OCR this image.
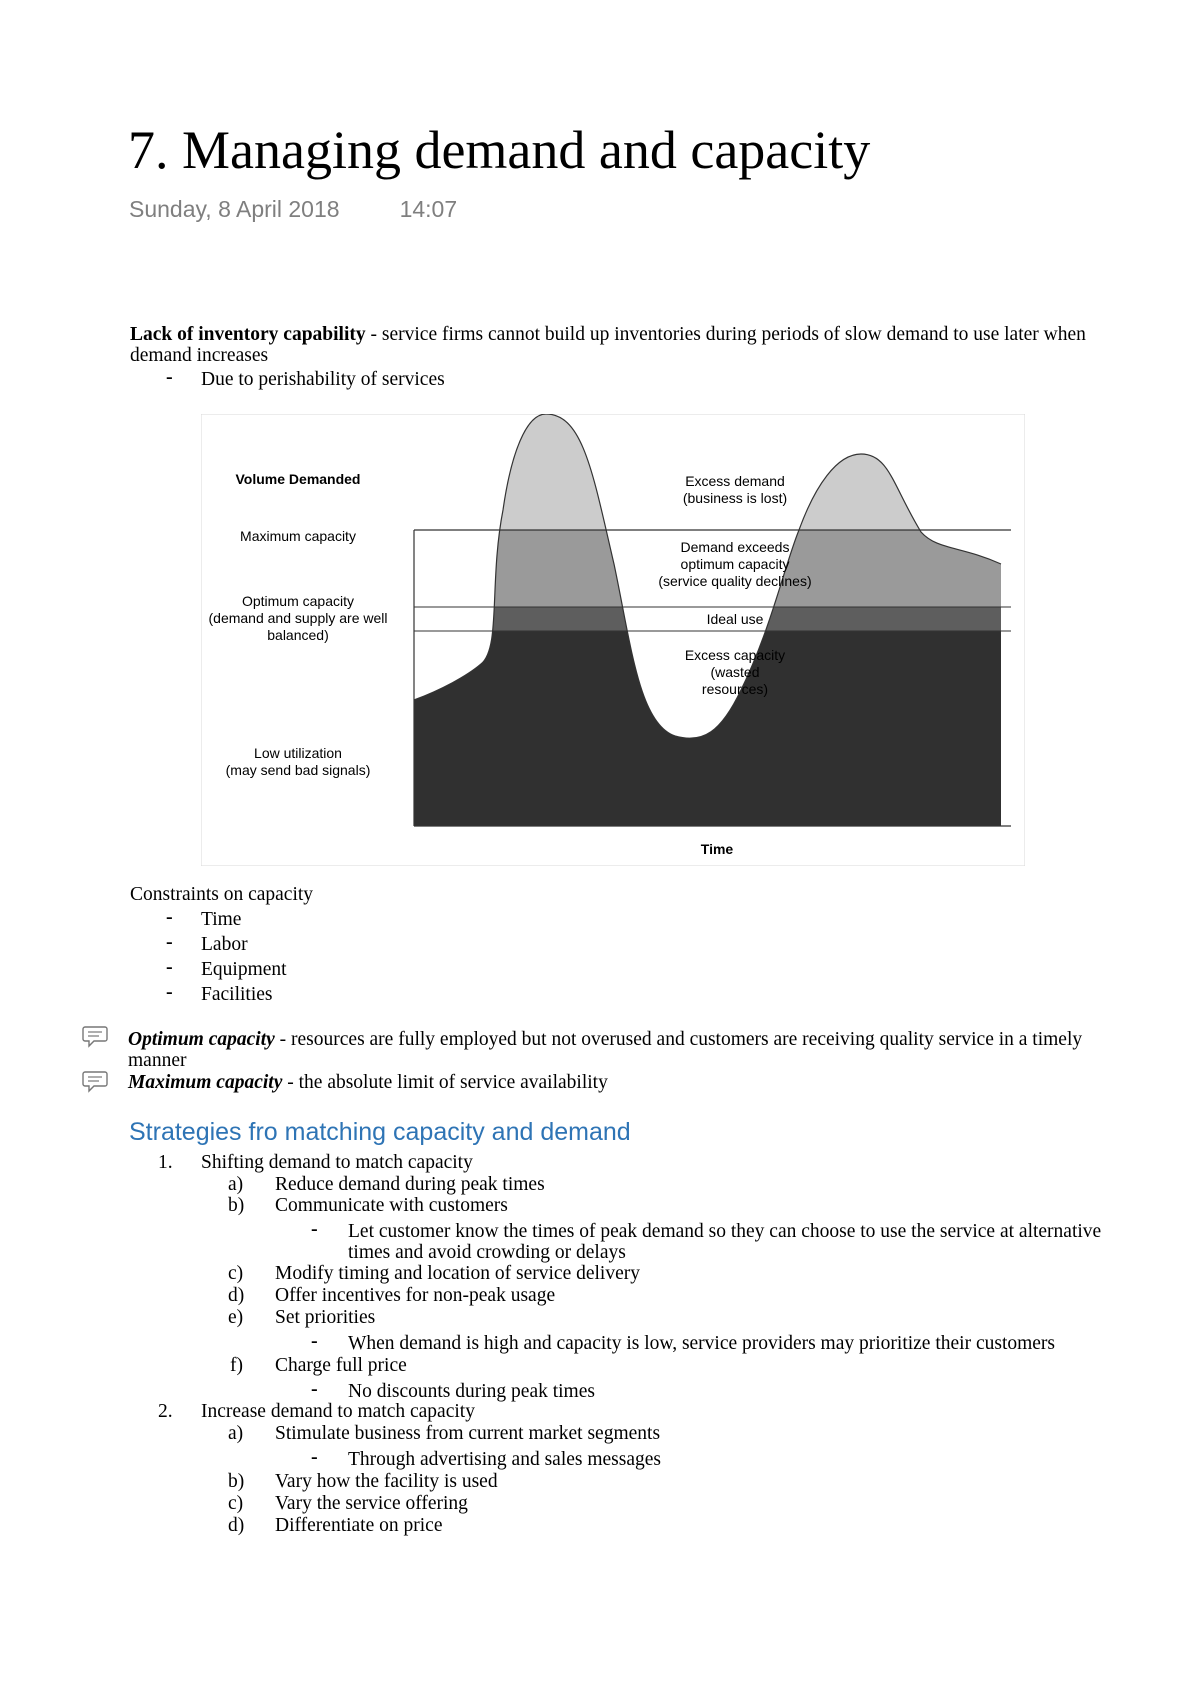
7. Managing demand and capacity
Sunday, 8 April 2018	14:07
Lack of inventory capability - service firms cannot build up inventories during periods of slow demand to use later when demand increases
- Due to perishability of services
Volume Demanded
Maximum capacity
Optimum capacity
(demand and supply are well
balanced)
Low utilization
(may send bad signals)
Excess demand
(business is lost)
Demand exceeds
optimum capacity
(service quality declines)
Ideal use
Excess capacity
(wasted
resources)
Time
Constraints on capacity
- Time
- Labor
- Equipment
- Facilities
Optimum capacity - resources are fully employed but not overused and customers are receiving quality service in a timely manner
Maximum capacity - the absolute limit of service availability
Strategies fro matching capacity and demand
1. Shifting demand to match capacity
a) Reduce demand during peak times
b) Communicate with customers
- Let customer know the times of peak demand so they can choose to use the service at alternative times and avoid crowding or delays
c) Modify timing and location of service delivery
d) Offer incentives for non-peak usage
e) Set priorities
- When demand is high and capacity is low, service providers may prioritize their customers
f) Charge full price
- No discounts during peak times
2. Increase demand to match capacity
a) Stimulate business from current market segments
- Through advertising and sales messages
b) Vary how the facility is used
c) Vary the service offering
d) Differentiate on price
